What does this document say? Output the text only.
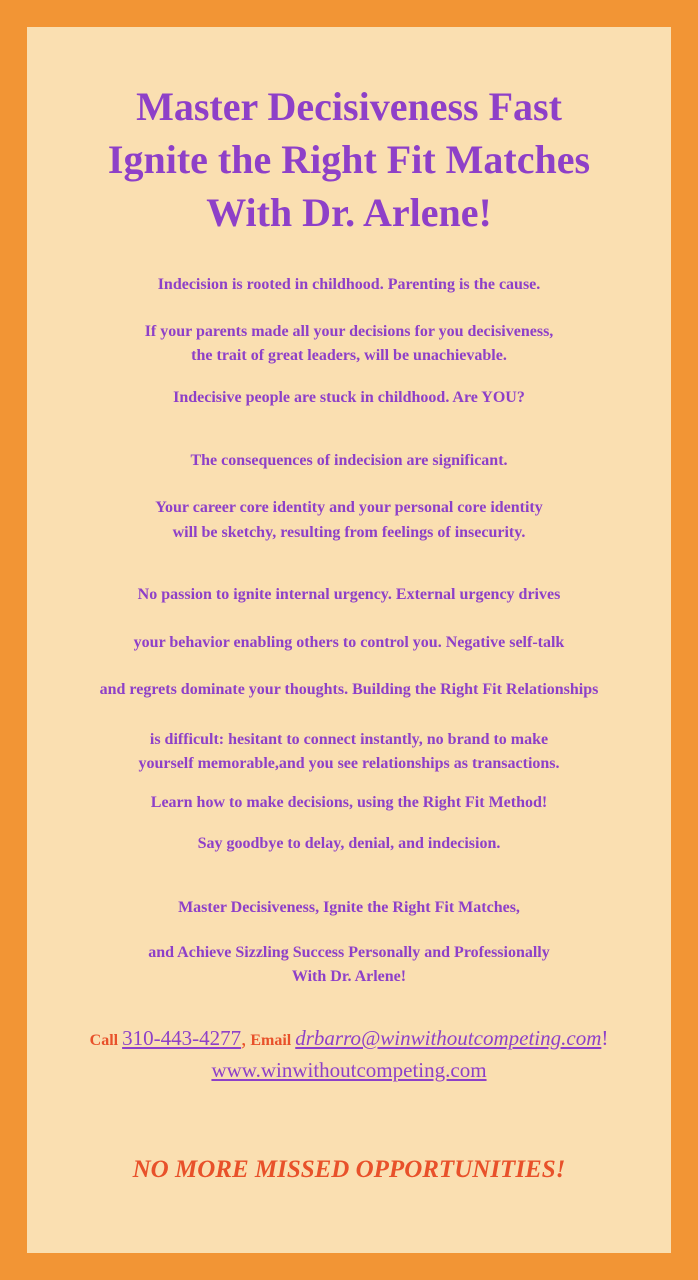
Master Decisiveness Fast
Ignite the Right Fit Matches
With Dr. Arlene!
Indecision is rooted in childhood. Parenting is the cause.
If your parents made all your decisions for you decisiveness,
the trait of great leaders, will be unachievable.
Indecisive people are stuck in childhood. Are YOU?
The consequences of indecision are significant.
Your career core identity and your personal core identity
will be sketchy, resulting from feelings of insecurity.
No passion to ignite internal urgency. External urgency drives
your behavior enabling others to control you. Negative self-talk
and regrets dominate your thoughts. Building the Right Fit Relationships
is difficult: hesitant to connect instantly, no brand to make
yourself memorable,and you see relationships as transactions.
Learn how to make decisions, using the Right Fit Method!
Say goodbye to delay, denial, and indecision.
Master Decisiveness, Ignite the Right Fit Matches,
and Achieve Sizzling Success Personally and Professionally
With Dr. Arlene!
Call 310-443-4277, Email drbarro@winwithoutcompeting.com!
www.winwithoutcompeting.com
NO MORE MISSED OPPORTUNITIES!
